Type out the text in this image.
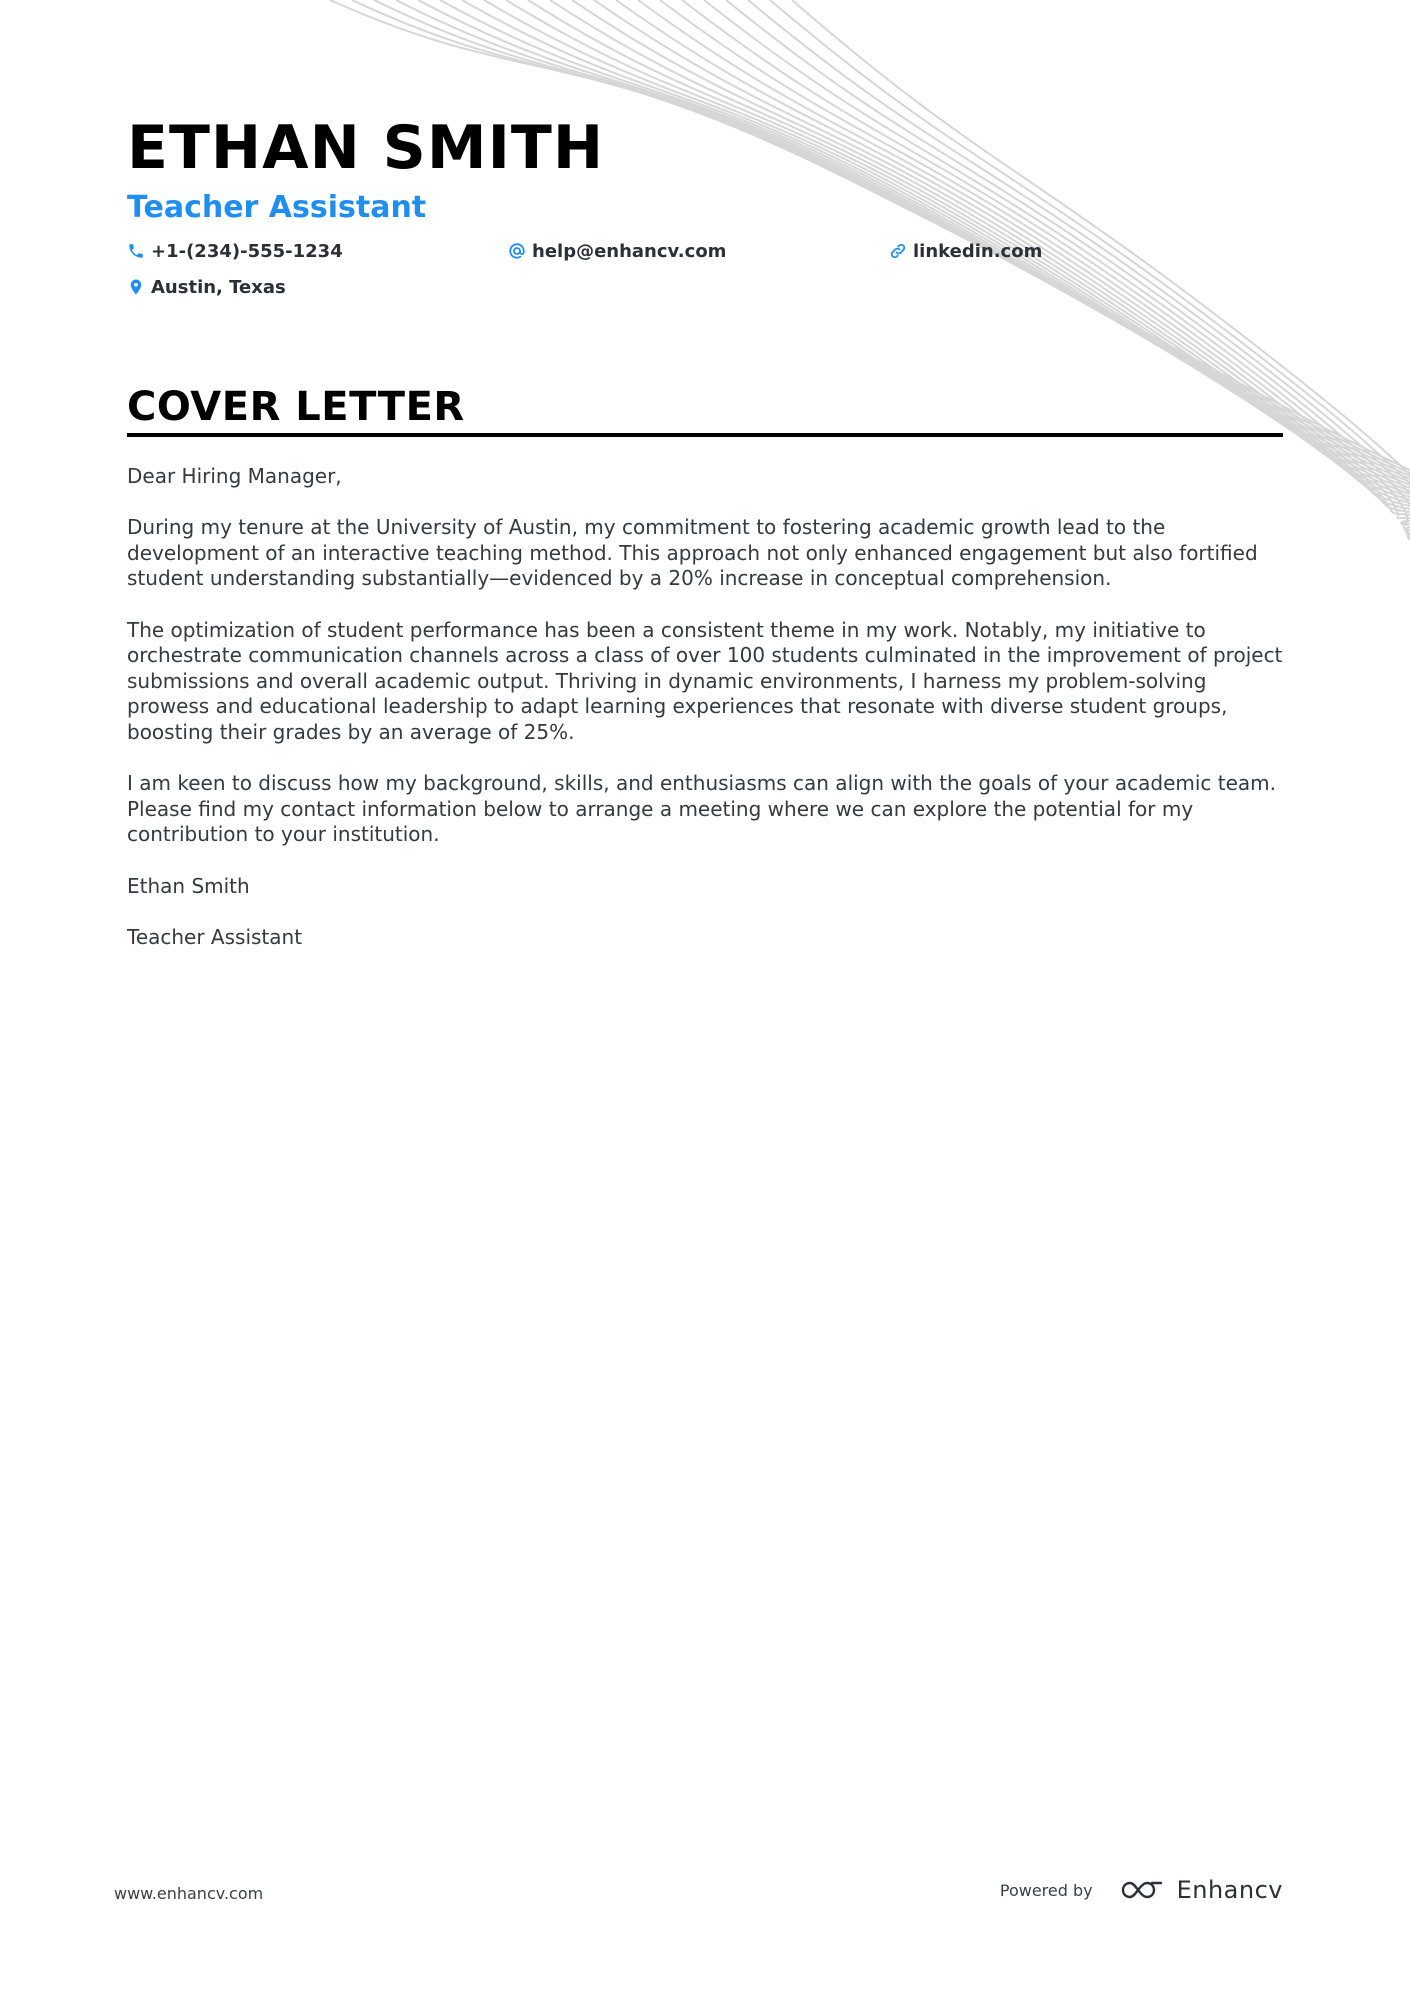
ETHAN SMITH
Teacher Assistant
+1-(234)-555-1234	help@enhancv.com	linkedin.com
Austin, Texas
COVER LETTER

Dear Hiring Manager,

During my tenure at the University of Austin, my commitment to fostering academic growth lead to the development of an interactive teaching method. This approach not only enhanced engagement but also fortified student understanding substantially—evidenced by a 20% increase in conceptual comprehension.

The optimization of student performance has been a consistent theme in my work. Notably, my initiative to orchestrate communication channels across a class of over 100 students culminated in the improvement of project submissions and overall academic output. Thriving in dynamic environments, I harness my problem-solving prowess and educational leadership to adapt learning experiences that resonate with diverse student groups, boosting their grades by an average of 25%.

I am keen to discuss how my background, skills, and enthusiasms can align with the goals of your academic team. Please find my contact information below to arrange a meeting where we can explore the potential for my contribution to your institution.

Ethan Smith

Teacher Assistant

www.enhancv.com	Powered by	Enhancv
